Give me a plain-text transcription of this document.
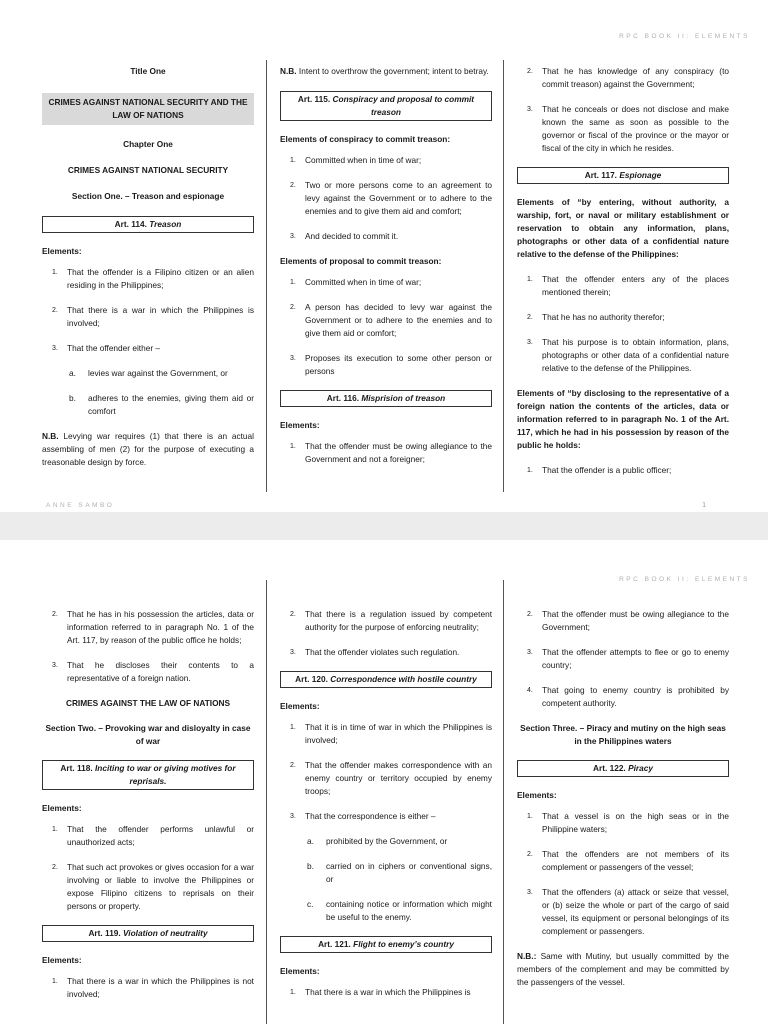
RPC BOOK II: ELEMENTS
Title One
CRIMES AGAINST NATIONAL SECURITY AND THE LAW OF NATIONS
Chapter One
CRIMES AGAINST NATIONAL SECURITY
Section One. – Treason and espionage
Art. 114. Treason
Elements:
1. That the offender is a Filipino citizen or an alien residing in the Philippines;
2. That there is a war in which the Philippines is involved;
3. That the offender either –
a. levies war against the Government, or
b. adheres to the enemies, giving them aid or comfort
N.B. Levying war requires (1) that there is an actual assembling of men (2) for the purpose of executing a treasonable design by force.
N.B. Intent to overthrow the government; intent to betray.
Art. 115. Conspiracy and proposal to commit treason
Elements of conspiracy to commit treason:
1. Committed when in time of war;
2. Two or more persons come to an agreement to levy against the Government or to adhere to the enemies and to give them aid and comfort;
3. And decided to commit it.
Elements of proposal to commit treason:
1. Committed when in time of war;
2. A person has decided to levy war against the Government or to adhere to the enemies and to give them aid or comfort;
3. Proposes its execution to some other person or persons
Art. 116. Misprision of treason
Elements:
1. That the offender must be owing allegiance to the Government and not a foreigner;
2. That he has knowledge of any conspiracy (to commit treason) against the Government;
3. That he conceals or does not disclose and make known the same as soon as possible to the governor or fiscal of the province or the mayor or fiscal of the city in which he resides.
Art. 117. Espionage
Elements of “by entering, without authority, a warship, fort, or naval or military establishment or reservation to obtain any information, plans, photographs or other data of a confidential nature relative to the defense of the Philippines:
1. That the offender enters any of the places mentioned therein;
2. That he has no authority therefor;
3. That his purpose is to obtain information, plans, photographs or other data of a confidential nature relative to the defense of the Philippines.
Elements of “by disclosing to the representative of a foreign nation the contents of the articles, data or information referred to in paragraph No. 1 of the Art. 117, which he had in his possession by reason of the public he holds:
1. That the offender is a public officer;
ANNE SAMBO	1
RPC BOOK II: ELEMENTS
2. That he has in his possession the articles, data or information referred to in paragraph No. 1 of the Art. 117, by reason of the public office he holds;
3. That he discloses their contents to a representative of a foreign nation.
CRIMES AGAINST THE LAW OF NATIONS
Section Two. – Provoking war and disloyalty in case of war
Art. 118. Inciting to war or giving motives for reprisals.
Elements:
1. That the offender performs unlawful or unauthorized acts;
2. That such act provokes or gives occasion for a war involving or liable to involve the Philippines or expose Filipino citizens to reprisals on their persons or property.
Art. 119. Violation of neutrality
Elements:
1. That there is a war in which the Philippines is not involved;
2. That there is a regulation issued by competent authority for the purpose of enforcing neutrality;
3. That the offender violates such regulation.
Art. 120. Correspondence with hostile country
Elements:
1. That it is in time of war in which the Philippines is involved;
2. That the offender makes correspondence with an enemy country or territory occupied by enemy troops;
3. That the correspondence is either –
a. prohibited by the Government, or
b. carried on in ciphers or conventional signs, or
c. containing notice or information which might be useful to the enemy.
Art. 121. Flight to enemy’s country
Elements:
1. That there is a war in which the Philippines is
2. That the offender must be owing allegiance to the Government;
3. That the offender attempts to flee or go to enemy country;
4. That going to enemy country is prohibited by competent authority.
Section Three. – Piracy and mutiny on the high seas in the Philippines waters
Art. 122. Piracy
Elements:
1. That a vessel is on the high seas or in the Philippine waters;
2. That the offenders are not members of its complement or passengers of the vessel;
3. That the offenders (a) attack or seize that vessel, or (b) seize the whole or part of the cargo of said vessel, its equipment or personal belongings of its complement or passengers.
N.B.: Same with Mutiny, but usually committed by the members of the complement and may be committed by the passengers of the vessel.
